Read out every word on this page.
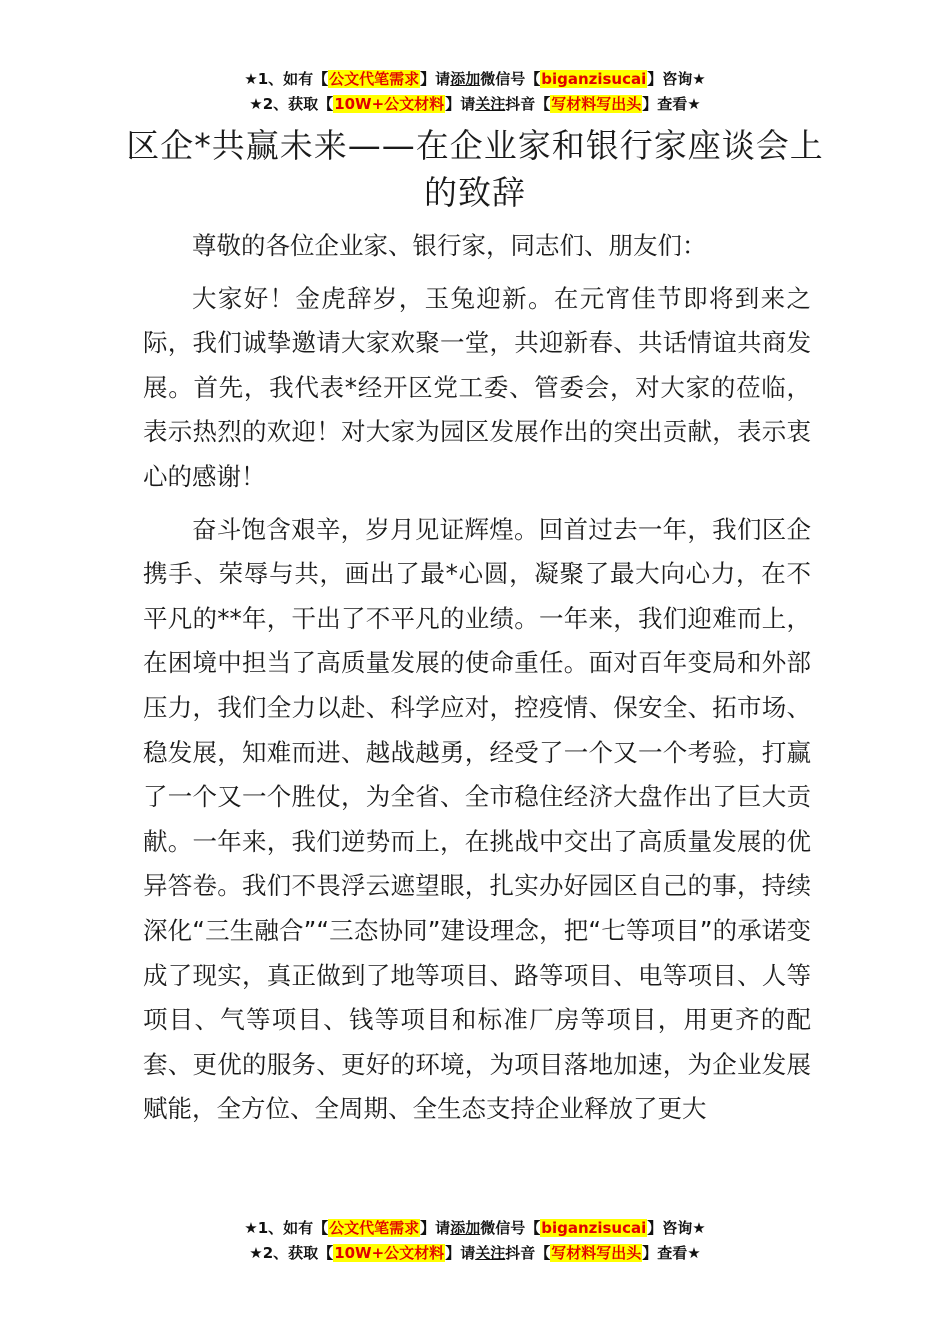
★1、如有【公文代笔需求】请添加微信号【biganzisucai】咨询★
★2、获取【10W+公文材料】请关注抖音【写材料写出头】查看★
区企*共赢未来——在企业家和银行家座谈会上的致辞

尊敬的各位企业家、银行家，同志们、朋友们：

大家好！金虎辞岁，玉兔迎新。在元宵佳节即将到来之际，我们诚挚邀请大家欢聚一堂，共迎新春、共话情谊共商发展。首先，我代表*经开区党工委、管委会，对大家的莅临，表示热烈的欢迎！对大家为园区发展作出的突出贡献，表示衷心的感谢！

奋斗饱含艰辛，岁月见证辉煌。回首过去一年，我们区企携手、荣辱与共，画出了最*心圆，凝聚了最大向心力，在不平凡的**年，干出了不平凡的业绩。一年来，我们迎难而上，在困境中担当了高质量发展的使命重任。面对百年变局和外部压力，我们全力以赴、科学应对，控疫情、保安全、拓市场、稳发展，知难而进、越战越勇，经受了一个又一个考验，打赢了一个又一个胜仗，为全省、全市稳住经济大盘作出了巨大贡献。一年来，我们逆势而上，在挑战中交出了高质量发展的优异答卷。我们不畏浮云遮望眼，扎实办好园区自己的事，持续深化“三生融合”“三态协同”建设理念，把“七等项目”的承诺变成了现实，真正做到了地等项目、路等项目、电等项目、人等项目、气等项目、钱等项目和标准厂房等项目，用更齐的配套、更优的服务、更好的环境，为项目落地加速，为企业发展赋能，全方位、全周期、全生态支持企业释放了更大

★1、如有【公文代笔需求】请添加微信号【biganzisucai】咨询★
★2、获取【10W+公文材料】请关注抖音【写材料写出头】查看★
